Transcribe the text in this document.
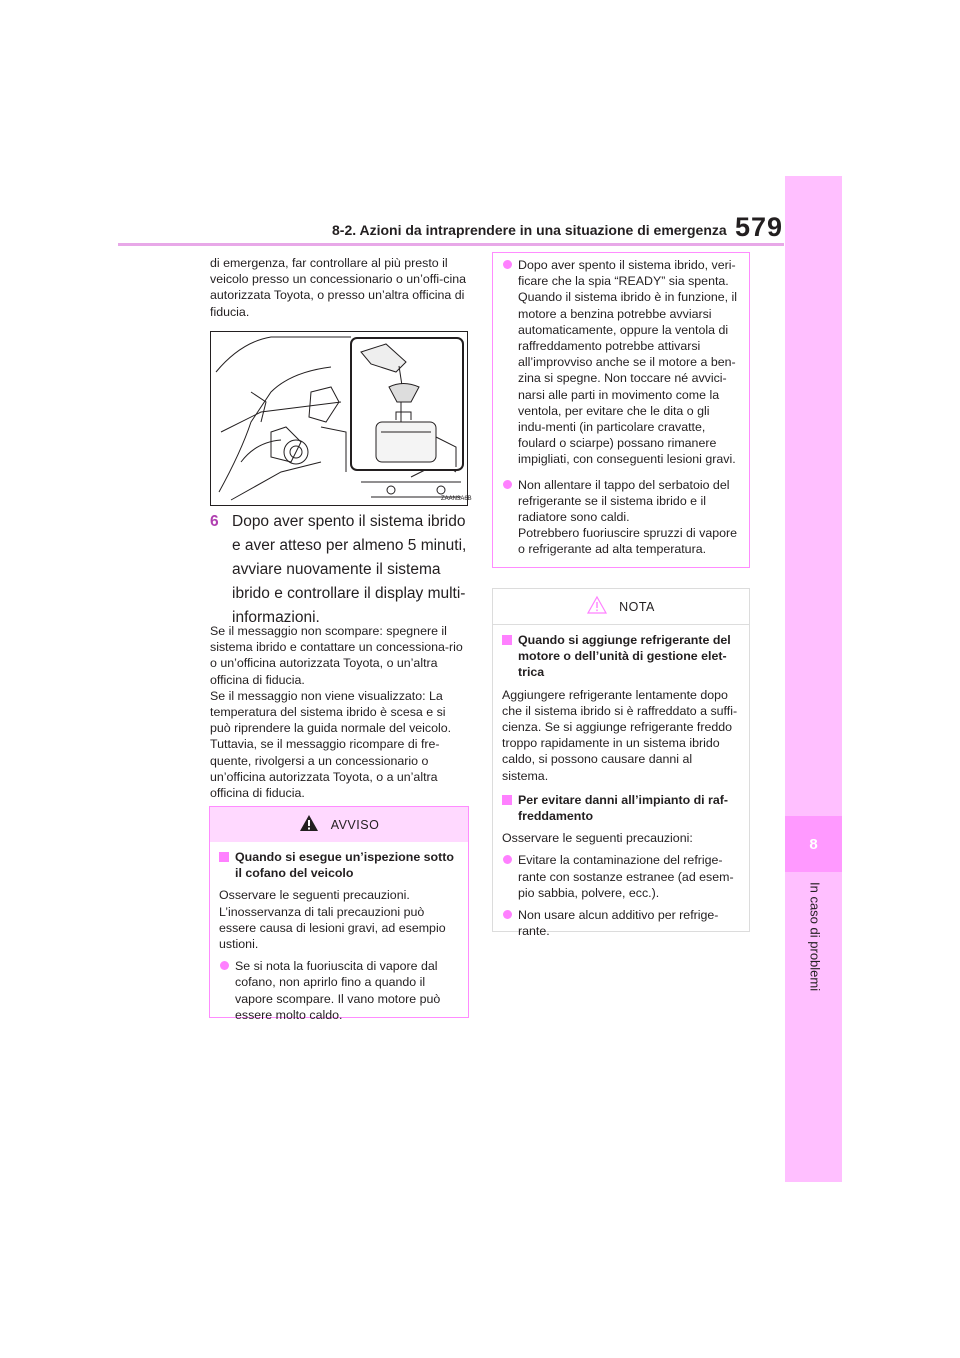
8-2. Azioni da intraprendere in una situazione di emergenza 579
8
In caso di problemi

di emergenza, far controllare al più presto il veicolo presso un concessionario o un’offi-cina autorizzata Toyota, o presso un’altra officina di fiducia.

ZAAN3A6B
6 Dopo aver spento il sistema ibrido e aver atteso per almeno 5 minuti, avviare nuovamente il sistema ibrido e controllare il display multi-informazioni.

Se il messaggio non scompare: spegnere il sistema ibrido e contattare un concessiona-rio o un’officina autorizzata Toyota, o un’altra officina di fiducia.

Se il messaggio non viene visualizzato: La temperatura del sistema ibrido è scesa e si può riprendere la guida normale del veicolo. Tuttavia, se il messaggio ricompare di fre-quente, rivolgersi a un concessionario o un’officina autorizzata Toyota, o a un’altra officina di fiducia.

AVVISO

Quando si esegue un’ispezione sotto il cofano del veicolo

Osservare le seguenti precauzioni. L’inosservanza di tali precauzioni può essere causa di lesioni gravi, ad esempio ustioni.

Se si nota la fuoriuscita di vapore dal cofano, non aprirlo fino a quando il vapore scompare. Il vano motore può essere molto caldo.

Dopo aver spento il sistema ibrido, veri-ficare che la spia “READY” sia spenta. Quando il sistema ibrido è in funzione, il motore a benzina potrebbe avviarsi automaticamente, oppure la ventola di raffreddamento potrebbe attivarsi all’improvviso anche se il motore a ben-zina si spegne. Non toccare né avvici-narsi alle parti in movimento come la ventola, per evitare che le dita o gli indu-menti (in particolare cravatte, foulard o sciarpe) possano rimanere impigliati, con conseguenti lesioni gravi.

Non allentare il tappo del serbatoio del refrigerante se il sistema ibrido e il radiatore sono caldi.

Potrebbero fuoriuscire spruzzi di vapore o refrigerante ad alta temperatura.

NOTA

Quando si aggiunge refrigerante del motore o dell’unità di gestione elet-trica

Aggiungere refrigerante lentamente dopo che il sistema ibrido si è raffreddato a suffi-cienza. Se si aggiunge refrigerante freddo troppo rapidamente in un sistema ibrido caldo, si possono causare danni al sistema.

Per evitare danni all’impianto di raf-freddamento

Osservare le seguenti precauzioni:

Evitare la contaminazione del refrige-rante con sostanze estranee (ad esem-pio sabbia, polvere, ecc.).

Non usare alcun additivo per refrige-rante.
